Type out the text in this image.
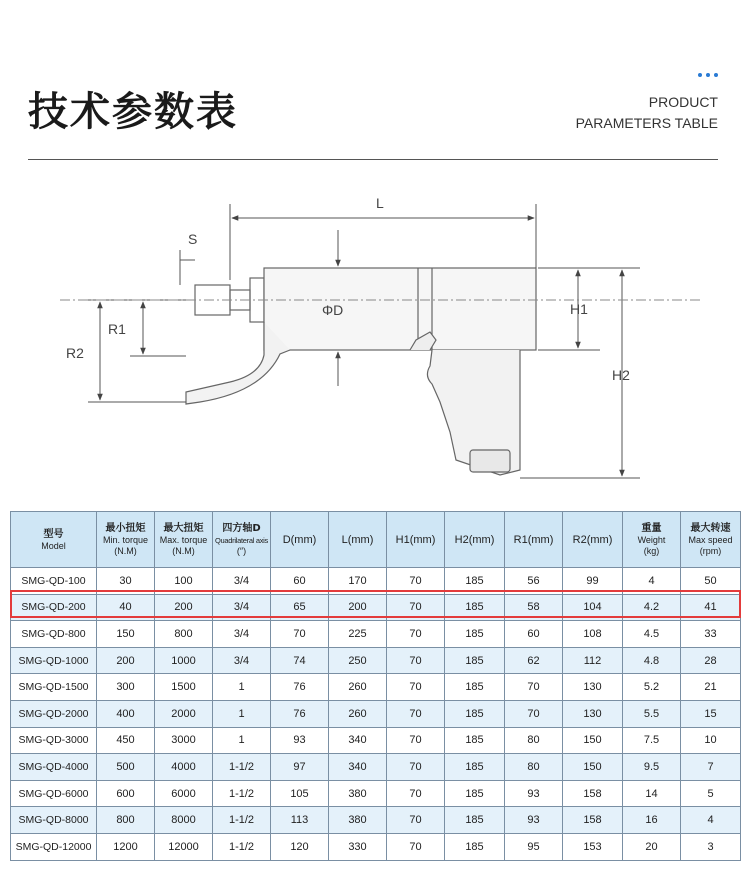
技术参数表	PRODUCT
PARAMETERS TABLE
L
S
ΦD	H1
H2
R1
R2
型号
Model	最小扭矩
Min. torque
(N.M)	最大扭矩
Max. torque
(N.M)	四方轴D
Quadrilateral axis
(″)	D(mm)	L(mm)	H1(mm)	H2(mm)	R1(mm)	R2(mm)	重量
Weight
(kg)	最大转速
Max speed
(rpm)

SMG-QD-100	30	100	3/4	60	170	70	185	56	99	4	50
SMG-QD-200	40	200	3/4	65	200	70	185	58	104	4.2	41
SMG-QD-800	150	800	3/4	70	225	70	185	60	108	4.5	33
SMG-QD-1000	200	1000	3/4	74	250	70	185	62	112	4.8	28
SMG-QD-1500	300	1500	1	76	260	70	185	70	130	5.2	21
SMG-QD-2000	400	2000	1	76	260	70	185	70	130	5.5	15
SMG-QD-3000	450	3000	1	93	340	70	185	80	150	7.5	10
SMG-QD-4000	500	4000	1-1/2	97	340	70	185	80	150	9.5	7
SMG-QD-6000	600	6000	1-1/2	105	380	70	185	93	158	14	5
SMG-QD-8000	800	8000	1-1/2	113	380	70	185	93	158	16	4
SMG-QD-12000	1200	12000	1-1/2	120	330	70	185	95	153	20	3
